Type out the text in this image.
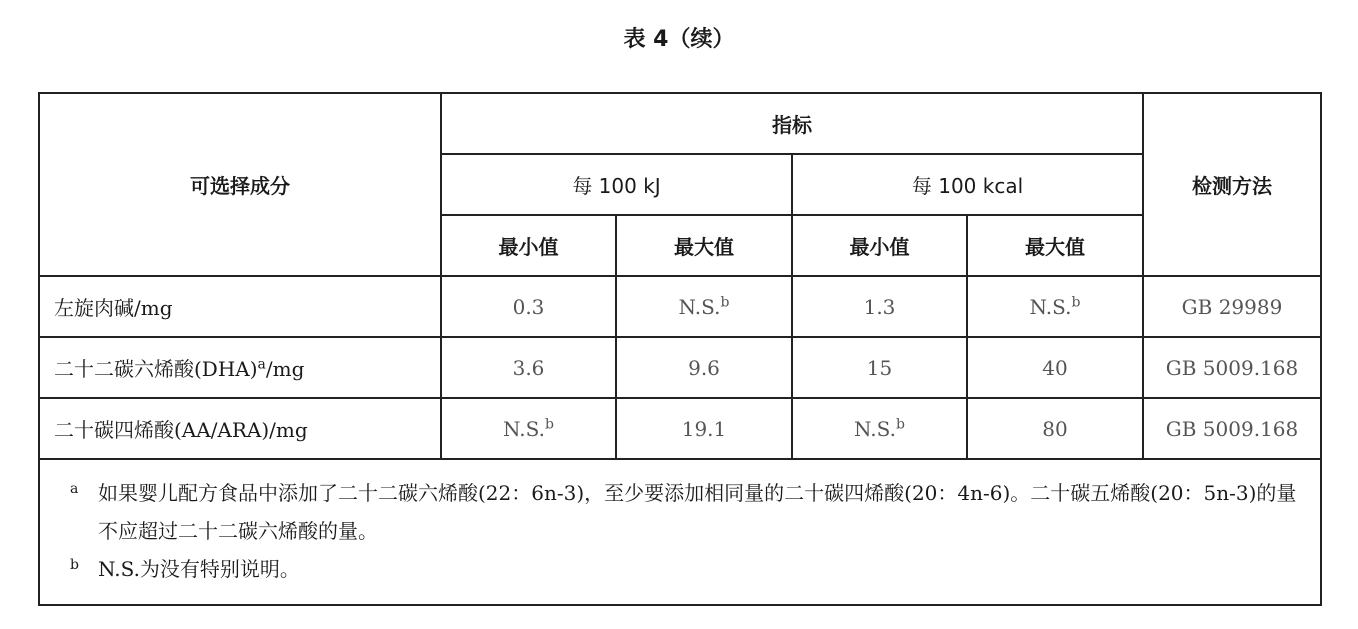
表 4（续）
可选择成分	指标				检测方法
	每 100 kJ		每 100 kcal		
	最小值	最大值	最小值	最大值	
左旋肉碱/mg	0.3	N.S.$^b$	1.3	N.S.$^b$	GB 29989
二十二碳六烯酸(DHA)$^a$/mg	3.6	9.6	15	40	GB 5009.168
二十碳四烯酸(AA/ARA)/mg	N.S.$^b$	19.1	N.S.$^b$	80	GB 5009.168

a 如果婴儿配方食品中添加了二十二碳六烯酸(22：6n-3)，至少要添加相同量的二十碳四烯酸(20：4n-6)。二十碳五烯酸(20：5n-3)的量不应超过二十二碳六烯酸的量。
b N.S.为没有特别说明。					
